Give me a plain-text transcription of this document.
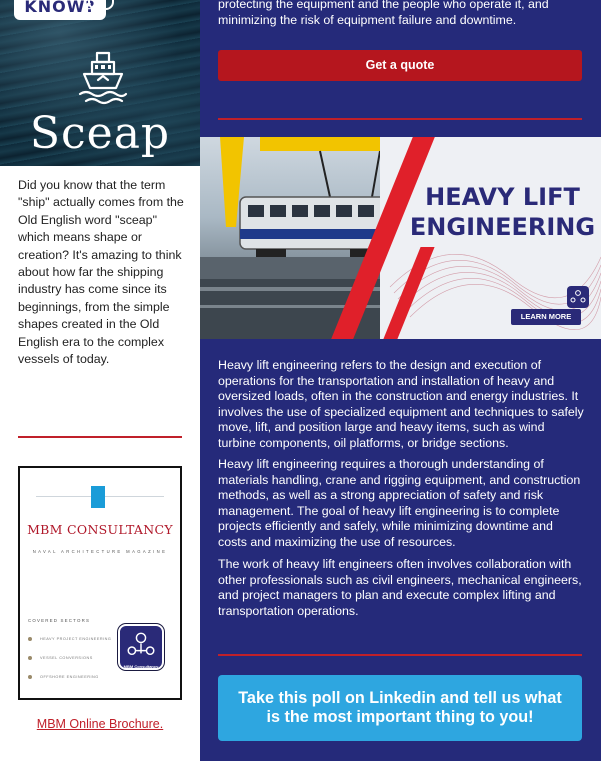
KNOW?
Sceap

Did you know that the term "ship" actually comes from the Old English word "sceap" which means shape or creation? It's amazing to think about how far the shipping industry has come since its beginnings, from the simple shapes created in the Old English era to the complex vessels of today.

MBM CONSULTANCY
NAVAL ARCHITECTURE MAGAZINE
COVERED SECTORS
HEAVY PROJECT ENGINEERING
VESSEL CONVERSIONS
OFFSHORE ENGINEERING
MBM Consultancy
MBM Online Brochure.

protecting the equipment and the people who operate it, and minimizing the risk of equipment failure and downtime.

Get a quote
HEAVY LIFT
ENGINEERING
LEARN MORE

Heavy lift engineering refers to the design and execution of operations for the transportation and installation of heavy and oversized loads, often in the construction and energy industries. It involves the use of specialized equipment and techniques to safely move, lift, and position large and heavy items, such as wind turbine components, oil platforms, or bridge sections.

Heavy lift engineering requires a thorough understanding of materials handling, crane and rigging equipment, and construction methods, as well as a strong appreciation of safety and risk management. The goal of heavy lift engineering is to complete projects efficiently and safely, while minimizing downtime and costs and maximizing the use of resources.

The work of heavy lift engineers often involves collaboration with other professionals such as civil engineers, mechanical engineers, and project managers to plan and execute complex lifting and transportation operations.

Take this poll on Linkedin and tell us what is the most important thing to you!
